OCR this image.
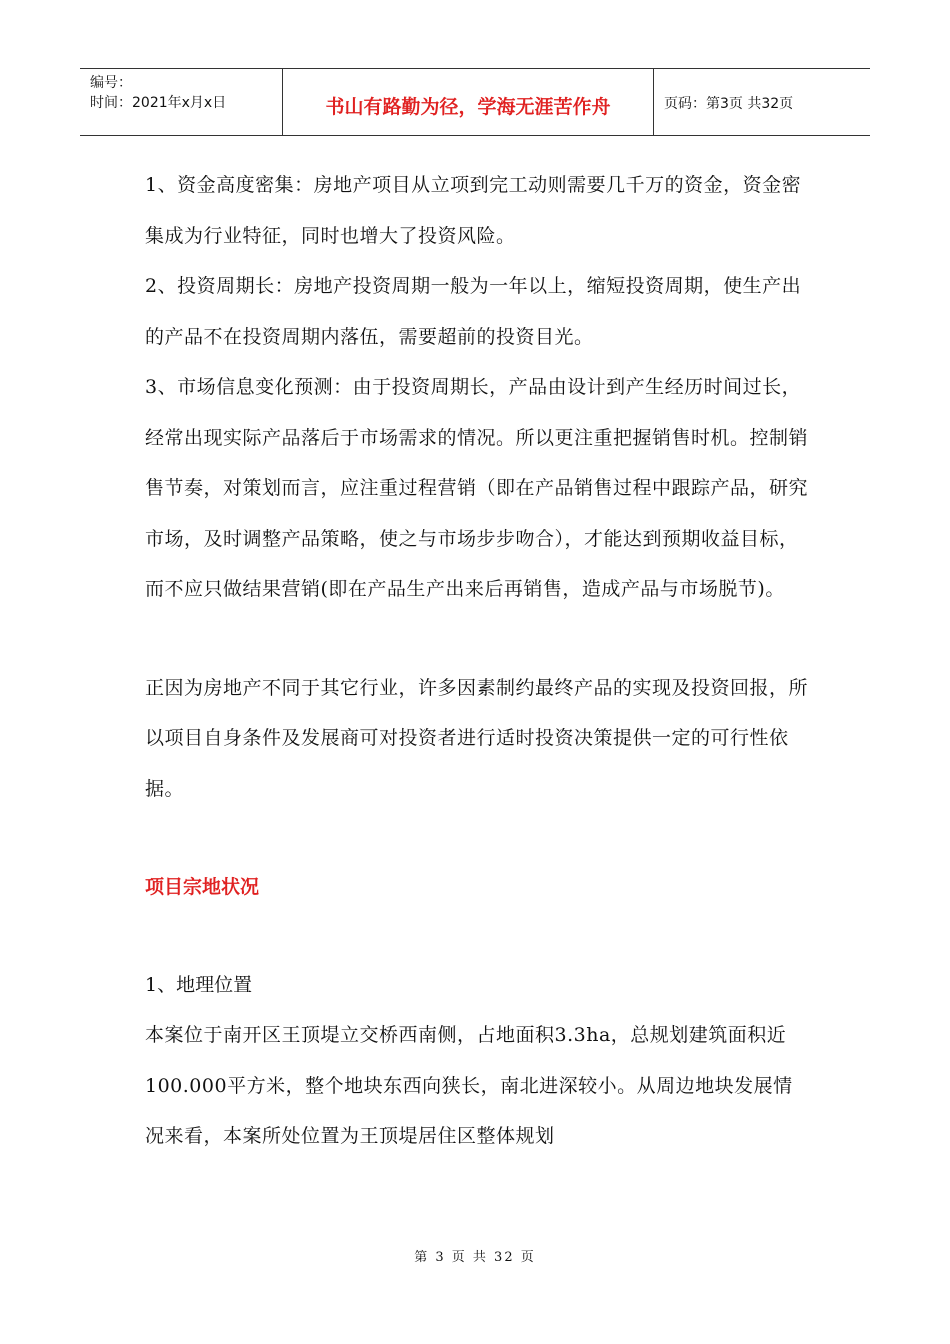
编号：
时间：2021年x月x日	书山有路勤为径，学海无涯苦作舟	页码：第3页 共32页

1、资金高度密集：房地产项目从立项到完工动则需要几千万的资金，资金密集成为行业特征，同时也增大了投资风险。

2、投资周期长：房地产投资周期一般为一年以上，缩短投资周期，使生产出的产品不在投资周期内落伍，需要超前的投资目光。

3、市场信息变化预测：由于投资周期长，产品由设计到产生经历时间过长，经常出现实际产品落后于市场需求的情况。所以更注重把握销售时机。控制销售节奏，对策划而言，应注重过程营销（即在产品销售过程中跟踪产品，研究市场，及时调整产品策略，使之与市场步步吻合），才能达到预期收益目标，而不应只做结果营销(即在产品生产出来后再销售，造成产品与市场脱节)。

正因为房地产不同于其它行业，许多因素制约最终产品的实现及投资回报，所以项目自身条件及发展商可对投资者进行适时投资决策提供一定的可行性依据。

项目宗地状况

1、地理位置

本案位于南开区王顶堤立交桥西南侧，占地面积3.3ha，总规划建筑面积近100.000平方米，整个地块东西向狭长，南北进深较小。从周边地块发展情况来看，本案所处位置为王顶堤居住区整体规划

第 3 页 共 32 页
